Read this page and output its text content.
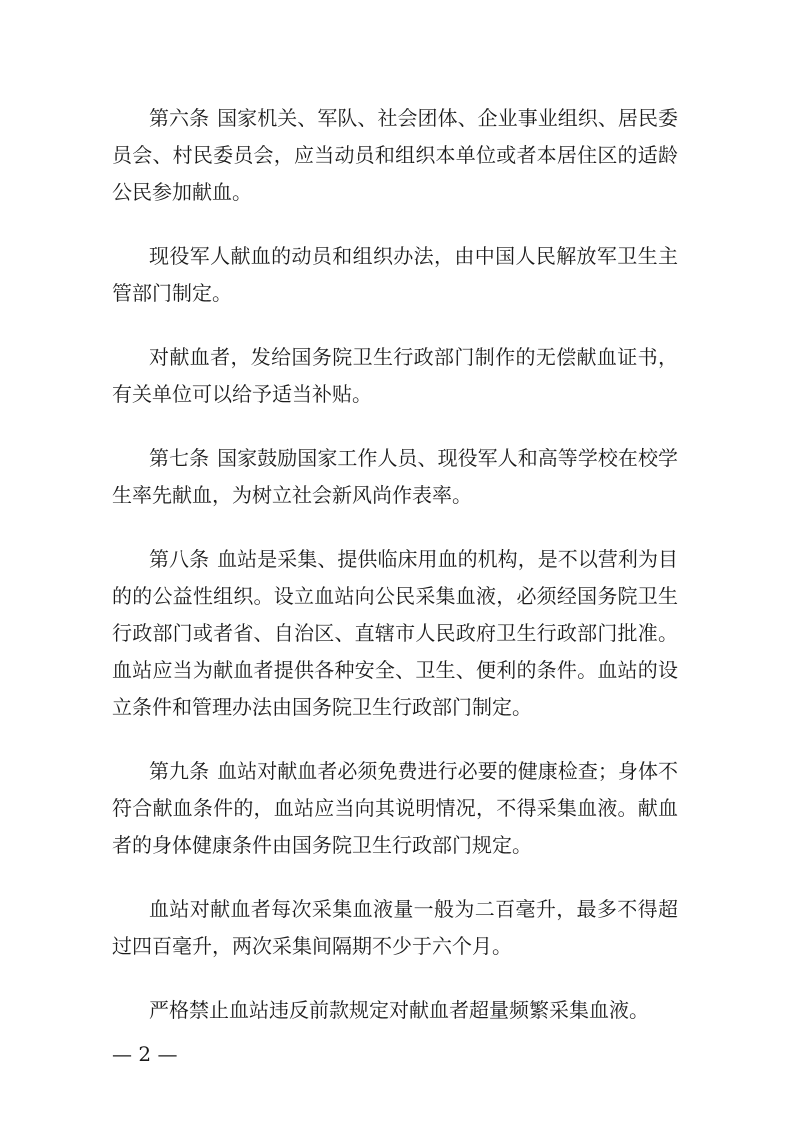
第六条 国家机关、军队、社会团体、企业事业组织、居民委员会、村民委员会，应当动员和组织本单位或者本居住区的适龄公民参加献血。

现役军人献血的动员和组织办法，由中国人民解放军卫生主管部门制定。

对献血者，发给国务院卫生行政部门制作的无偿献血证书，有关单位可以给予适当补贴。

第七条 国家鼓励国家工作人员、现役军人和高等学校在校学生率先献血，为树立社会新风尚作表率。

第八条 血站是采集、提供临床用血的机构，是不以营利为目的的公益性组织。设立血站向公民采集血液，必须经国务院卫生行政部门或者省、自治区、直辖市人民政府卫生行政部门批准。血站应当为献血者提供各种安全、卫生、便利的条件。血站的设立条件和管理办法由国务院卫生行政部门制定。

第九条 血站对献血者必须免费进行必要的健康检查；身体不符合献血条件的，血站应当向其说明情况，不得采集血液。献血者的身体健康条件由国务院卫生行政部门规定。

血站对献血者每次采集血液量一般为二百毫升，最多不得超过四百毫升，两次采集间隔期不少于六个月。

严格禁止血站违反前款规定对献血者超量频繁采集血液。

— 2 —
